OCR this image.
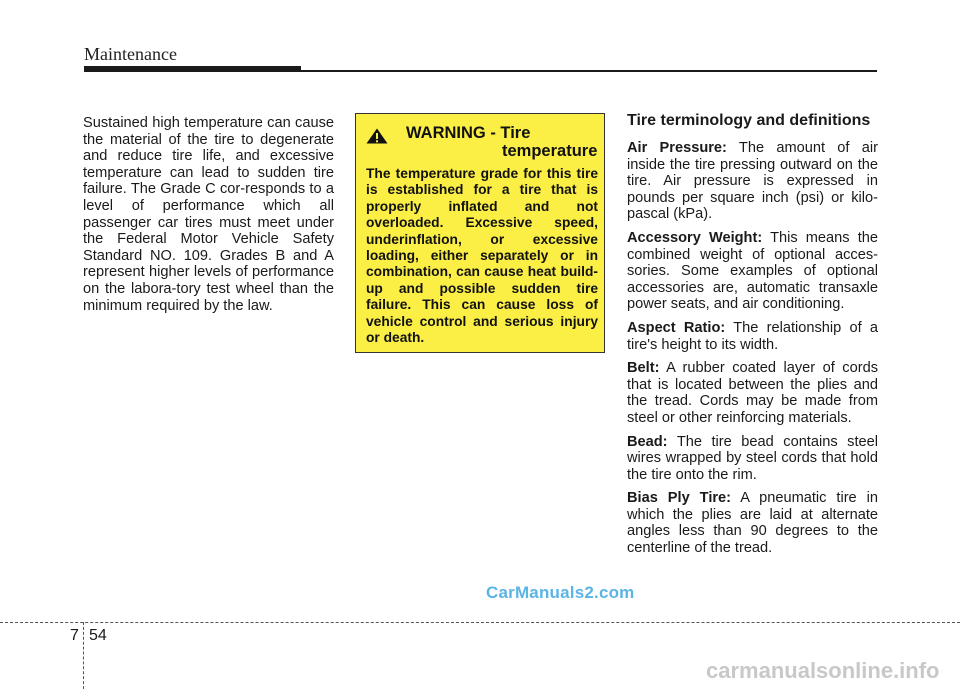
Maintenance
Sustained high temperature can cause the material of the tire to degenerate and reduce tire life, and excessive temperature can lead to sudden tire failure. The Grade C cor-responds to a level of performance which all passenger car tires must meet under the Federal Motor Vehicle Safety Standard NO. 109. Grades B and A represent higher levels of performance on the labora-tory test wheel than the minimum required by the law.
WARNING - Tire
temperature
The temperature grade for this tire is established for a tire that is properly inflated and not overloaded. Excessive speed, underinflation, or excessive loading, either separately or in combination, can cause heat build-up and possible sudden tire failure. This can cause loss of vehicle control and serious injury or death.
Tire terminology and definitions
Air Pressure: The amount of air inside the tire pressing outward on the tire. Air pressure is expressed in pounds per square inch (psi) or kilo-pascal (kPa).
Accessory Weight: This means the combined weight of optional acces-sories. Some examples of optional accessories are, automatic transaxle power seats, and air conditioning.
Aspect Ratio: The relationship of a tire's height to its width.
Belt: A rubber coated layer of cords that is located between the plies and the tread. Cords may be made from steel or other reinforcing materials.
Bead: The tire bead contains steel wires wrapped by steel cords that hold the tire onto the rim.
Bias Ply Tire: A pneumatic tire in which the plies are laid at alternate angles less than 90 degrees to the centerline of the tread.
CarManuals2.com
7 54
carmanualsonline.info
